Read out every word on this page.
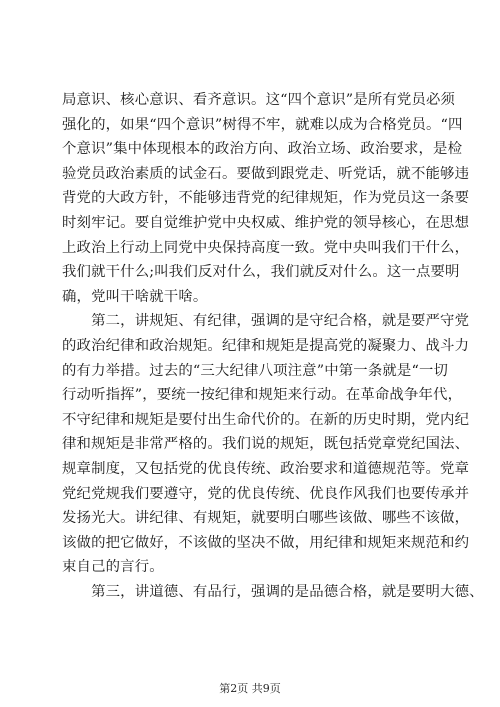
局意识、核心意识、看齐意识。这“四个意识”是所有党员必须
强化的，如果“四个意识”树得不牢，就难以成为合格党员。“四
个意识”集中体现根本的政治方向、政治立场、政治要求，是检
验党员政治素质的试金石。要做到跟党走、听党话，就不能够违
背党的大政方针，不能够违背党的纪律规矩，作为党员这一条要
时刻牢记。要自觉维护党中央权威、维护党的领导核心，在思想
上政治上行动上同党中央保持高度一致。党中央叫我们干什么，
我们就干什么;叫我们反对什么，我们就反对什么。这一点要明
确，党叫干啥就干啥。
　　第二，讲规矩、有纪律，强调的是守纪合格，就是要严守党
的政治纪律和政治规矩。纪律和规矩是提高党的凝聚力、战斗力
的有力举措。过去的“三大纪律八项注意”中第一条就是“一切
行动听指挥”，要统一按纪律和规矩来行动。在革命战争年代，
不守纪律和规矩是要付出生命代价的。在新的历史时期，党内纪
律和规矩是非常严格的。我们说的规矩，既包括党章党纪国法、
规章制度，又包括党的优良传统、政治要求和道德规范等。党章
党纪党规我们要遵守，党的优良传统、优良作风我们也要传承并
发扬光大。讲纪律、有规矩，就要明白哪些该做、哪些不该做，
该做的把它做好，不该做的坚决不做，用纪律和规矩来规范和约
束自己的言行。
　　第三，讲道德、有品行，强调的是品德合格，就是要明大德、

第2页 共9页
